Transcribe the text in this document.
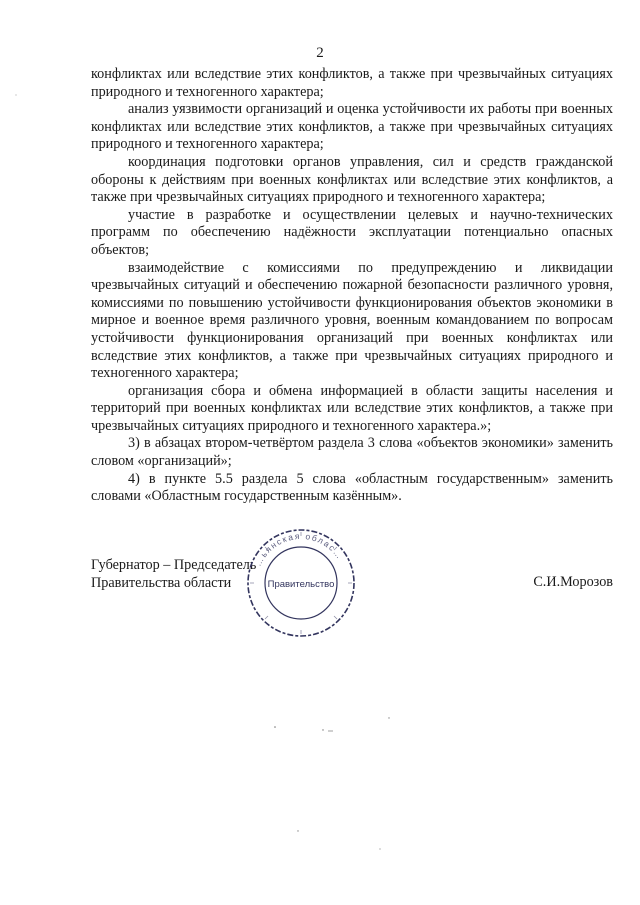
2

конфликтах или вследствие этих конфликтов, а также при чрезвычайных ситуациях природного и техногенного характера;

анализ уязвимости организаций и оценка устойчивости их работы при военных конфликтах или вследствие этих конфликтов, а также при чрезвычайных ситуациях природного и техногенного характера;

координация подготовки органов управления, сил и средств гражданской обороны к действиям при военных конфликтах или вследствие этих конфликтов, а также при чрезвычайных ситуациях природного и техногенного характера;

участие в разработке и осуществлении целевых и научно-технических программ по обеспечению надёжности эксплуатации потенциально опасных объектов;

взаимодействие с комиссиями по предупреждению и ликвидации чрезвычайных ситуаций и обеспечению пожарной безопасности различного уровня, комиссиями по повышению устойчивости функционирования объектов экономики в мирное и военное время различного уровня, военным командованием по вопросам устойчивости функционирования организаций при военных конфликтах или вследствие этих конфликтов, а также при чрезвычайных ситуациях природного и техногенного характера;

организация сбора и обмена информацией в области защиты населения и территорий при военных конфликтах или вследствие этих конфликтов, а также при чрезвычайных ситуациях природного и техногенного характера.»;

3) в абзацах втором-четвёртом раздела 3 слова «объектов экономики» заменить словом «организаций»;

4) в пункте 5.5 раздела 5 слова «областным государственным» заменить словами «Областным государственным казённым».

Губернатор – Председатель
Правительства области	С.И.Морозов
…ьянская облас…
Правительство
